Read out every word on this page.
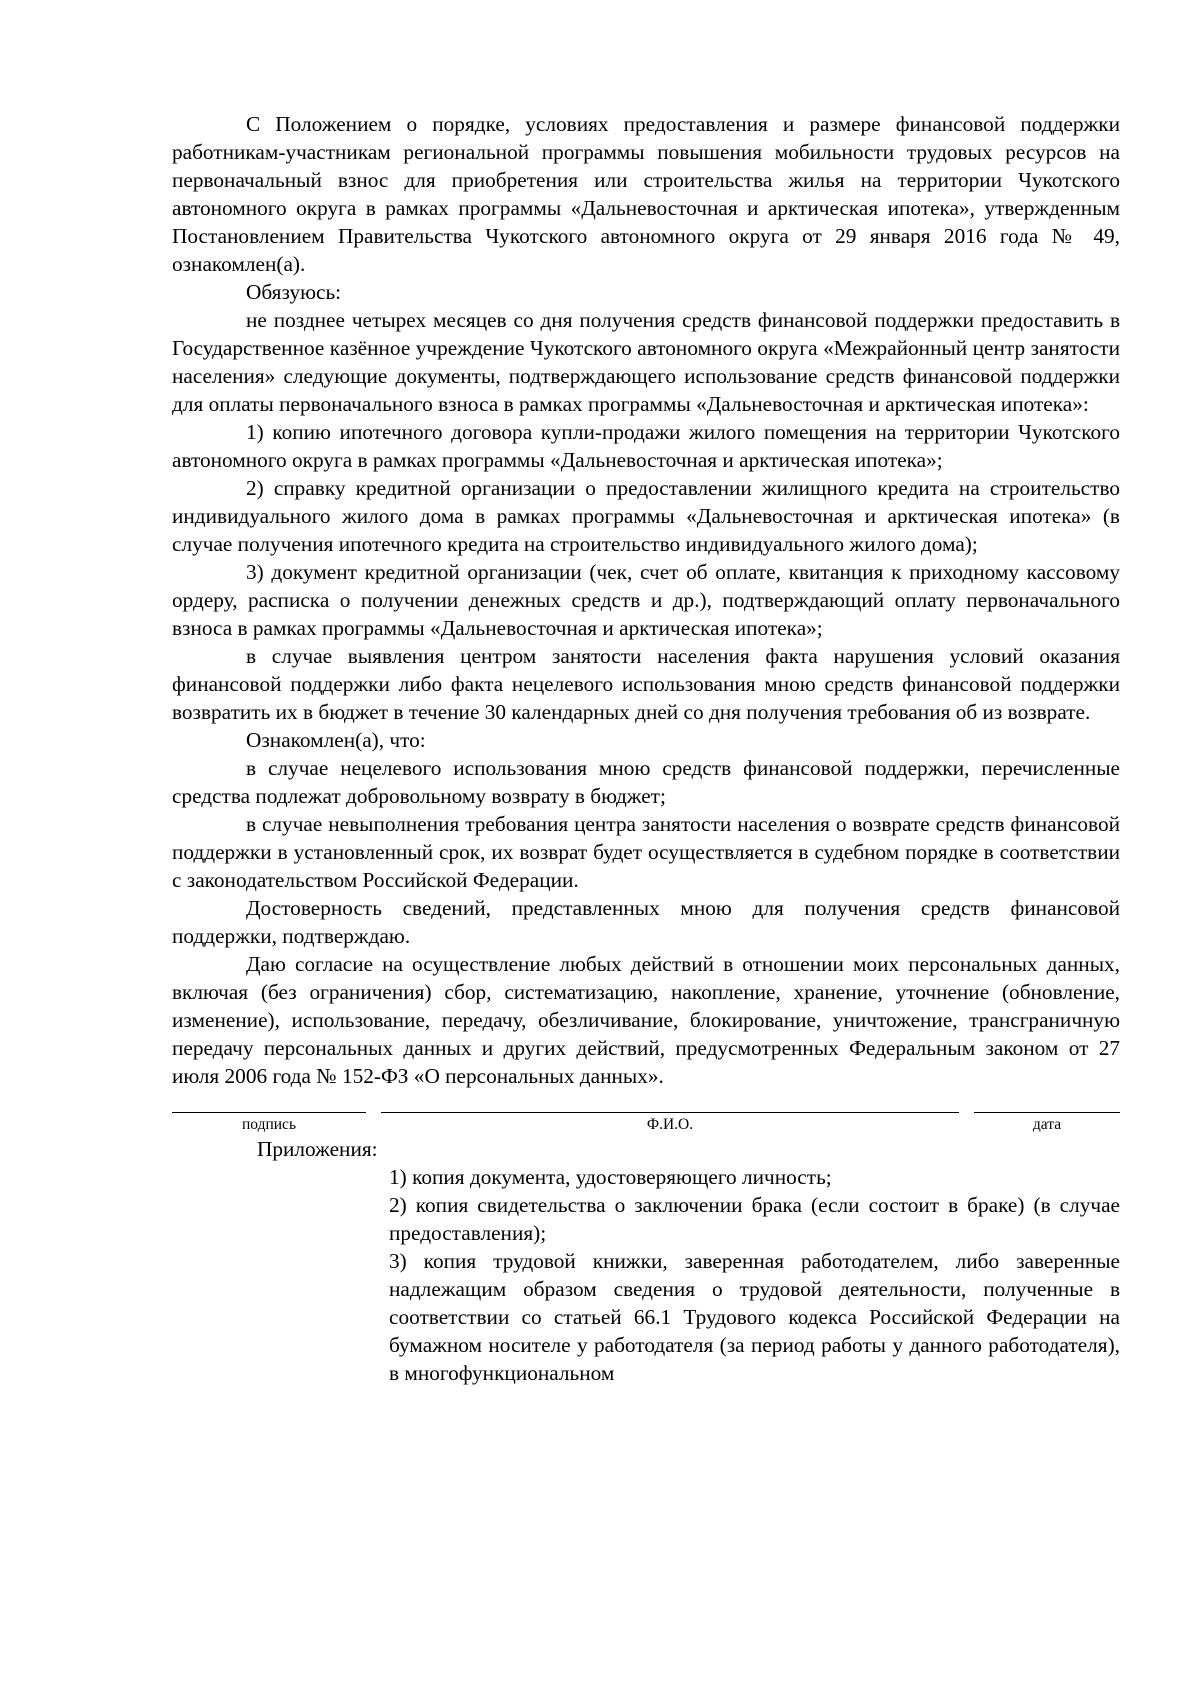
С Положением о порядке, условиях предоставления и размере финансовой поддержки работникам-участникам региональной программы повышения мобильности трудовых ресурсов на первоначальный взнос для приобретения или строительства жилья на территории Чукотского автономного округа в рамках программы «Дальневосточная и арктическая ипотека», утвержденным Постановлением Правительства Чукотского автономного округа от 29 января 2016 года № 49, ознакомлен(а).

Обязуюсь:

не позднее четырех месяцев со дня получения средств финансовой поддержки предоставить в Государственное казённое учреждение Чукотского автономного округа «Межрайонный центр занятости населения» следующие документы, подтверждающего использование средств финансовой поддержки для оплаты первоначального взноса в рамках программы «Дальневосточная и арктическая ипотека»:

1) копию ипотечного договора купли-продажи жилого помещения на территории Чукотского автономного округа в рамках программы «Дальневосточная и арктическая ипотека»;

2) справку кредитной организации о предоставлении жилищного кредита на строительство индивидуального жилого дома в рамках программы «Дальневосточная и арктическая ипотека» (в случае получения ипотечного кредита на строительство индивидуального жилого дома);

3) документ кредитной организации (чек, счет об оплате, квитанция к приходному кассовому ордеру, расписка о получении денежных средств и др.), подтверждающий оплату первоначального взноса в рамках программы «Дальневосточная и арктическая ипотека»;

в случае выявления центром занятости населения факта нарушения условий оказания финансовой поддержки либо факта нецелевого использования мною средств финансовой поддержки возвратить их в бюджет в течение 30 календарных дней со дня получения требования об из возврате.

Ознакомлен(а), что:

в случае нецелевого использования мною средств финансовой поддержки, перечисленные средства подлежат добровольному возврату в бюджет;

в случае невыполнения требования центра занятости населения о возврате средств финансовой поддержки в установленный срок, их возврат будет осуществляется в судебном порядке в соответствии с законодательством Российской Федерации.

Достоверность сведений, представленных мною для получения средств финансовой поддержки, подтверждаю.

Даю согласие на осуществление любых действий в отношении моих персональных данных, включая (без ограничения) сбор, систематизацию, накопление, хранение, уточнение (обновление, изменение), использование, передачу, обезличивание, блокирование, уничтожение, трансграничную передачу персональных данных и других действий, предусмотренных Федеральным законом от 27 июля 2006 года № 152-ФЗ «О персональных данных».

подпись	Ф.И.О.	дата

Приложения:

1) копия документа, удостоверяющего личность;

2) копия свидетельства о заключении брака (если состоит в браке) (в случае предоставления);

3) копия трудовой книжки, заверенная работодателем, либо заверенные надлежащим образом сведения о трудовой деятельности, полученные в соответствии со статьей 66.1 Трудового кодекса Российской Федерации на бумажном носителе у работодателя (за период работы у данного работодателя), в многофункциональном
